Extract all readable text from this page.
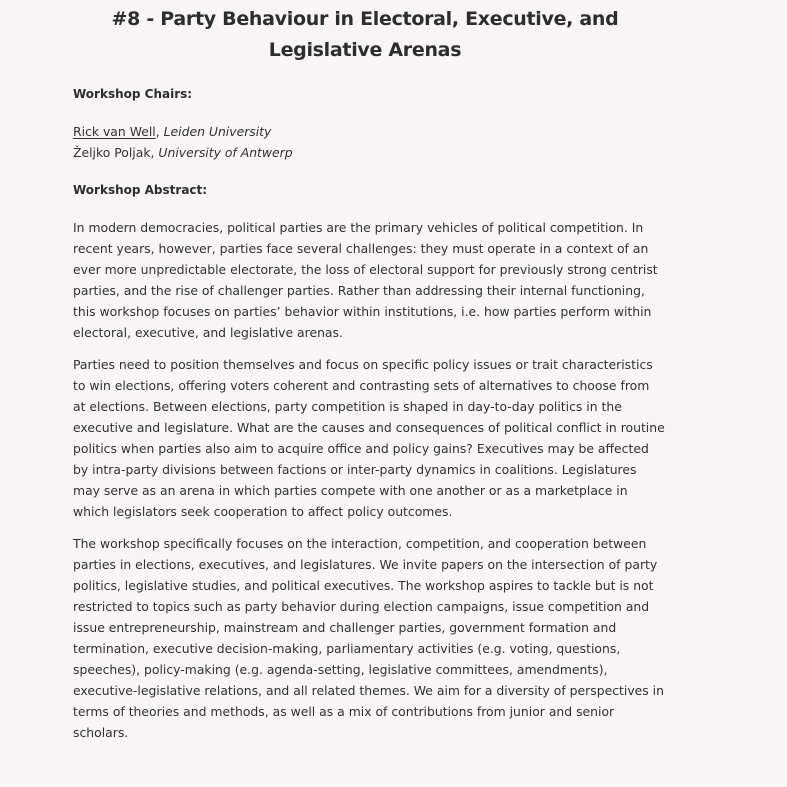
#8 - Party Behaviour in Electoral, Executive, and Legislative Arenas
Workshop Chairs:
Rick van Well, Leiden University
Željko Poljak, University of Antwerp
Workshop Abstract:

In modern democracies, political parties are the primary vehicles of political competition. In recent years, however, parties face several challenges: they must operate in a context of an ever more unpredictable electorate, the loss of electoral support for previously strong centrist parties, and the rise of challenger parties. Rather than addressing their internal functioning, this workshop focuses on parties’ behavior within institutions, i.e. how parties perform within electoral, executive, and legislative arenas.

Parties need to position themselves and focus on specific policy issues or trait characteristics to win elections, offering voters coherent and contrasting sets of alternatives to choose from at elections. Between elections, party competition is shaped in day-to-day politics in the executive and legislature. What are the causes and consequences of political conflict in routine politics when parties also aim to acquire office and policy gains? Executives may be affected by intra-party divisions between factions or inter-party dynamics in coalitions. Legislatures may serve as an arena in which parties compete with one another or as a marketplace in which legislators seek cooperation to affect policy outcomes.

The workshop specifically focuses on the interaction, competition, and cooperation between parties in elections, executives, and legislatures. We invite papers on the intersection of party politics, legislative studies, and political executives. The workshop aspires to tackle but is not restricted to topics such as party behavior during election campaigns, issue competition and issue entrepreneurship, mainstream and challenger parties, government formation and termination, executive decision-making, parliamentary activities (e.g. voting, questions, speeches), policy-making (e.g. agenda-setting, legislative committees, amendments), executive-legislative relations, and all related themes. We aim for a diversity of perspectives in terms of theories and methods, as well as a mix of contributions from junior and senior scholars.
